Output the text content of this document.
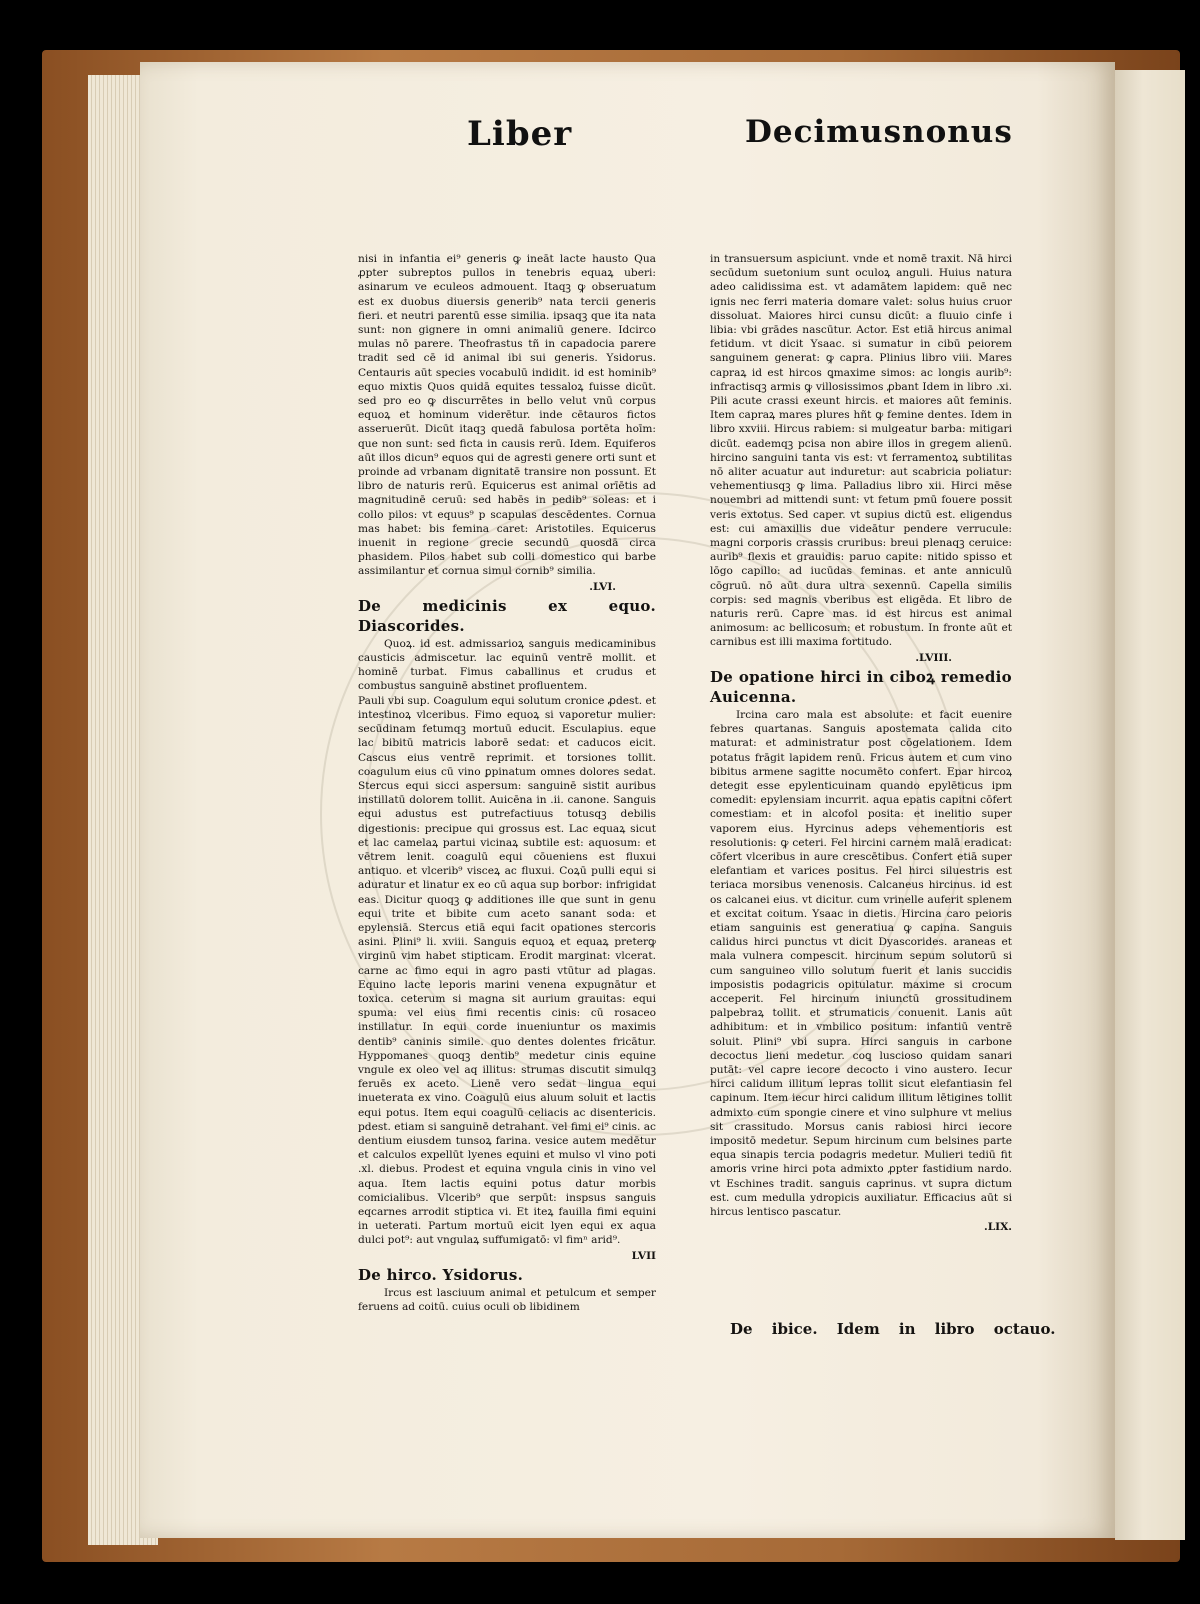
Liber	Decimusnonus

nisi in infantia ei⁹ generis ꝙ ineāt lacte hausto Qua ꝓpter subreptos pullos in tenebris equaꝝ uberi: asinarum ve eculeos admouent. Itaqꝫ ꝙ obseruatum est ex duobus diuersis generib⁹ nata tercii generis fieri. et neutri parentū esse similia. ipsaqꝫ que ita nata sunt: non gignere in omni animaliū genere. Idcirco mulas nō parere. Theofrastus tñ in capadocia parere tradit sed cē id animal ibi sui generis. Ysidorus. Centauris aūt species vocabulū indidit. id est hominib⁹ equo mixtis Quos quidā equites tessaloꝝ fuisse dicūt. sed pro eo ꝙ discurrētes in bello velut vnū corpus equoꝝ et hominum viderētur. inde cētauros fictos asseruerūt. Dicūt itaqꝫ quedā fabulosa portēta hoīm: que non sunt: sed ficta in causis rerū. Idem. Equiferos aūt illos dicun⁹ equos qui de agresti genere orti sunt et proinde ad vrbanam dignitatē transire non possunt. Et libro de naturis rerū. Equicerus est animal orīētis ad magnitudinē ceruū: sed habēs in pedib⁹ soleas: et i collo pilos: vt equus⁹ p scapulas descēdentes. Cornua mas habet: bis femina caret: Aristotiles. Equicerus inuenit in regione grecie secundū quosdā circa phasidem. Pilos habet sub colli domestico qui barbe assimilantur et cornua simul cornib⁹ similia.

.LVI.

De medicinis ex equo. Diascorides.

Quoꝝ. id est. admissarioꝝ sanguis medicaminibus causticis admiscetur. lac equinū ventrē mollit. et hominē turbat. Fimus caballinus et crudus et combustus sanguinē abstinet profluentem.

Pauli vbi sup. Coagulum equi solutum cronice ꝓdest. et intestinoꝝ vlceribus. Fimo equoꝝ si vaporetur mulier: secūdinam fetumqꝫ mortuū educit. Esculapius. eque lac bibitū matricis laborē sedat: et caducos eicit. Cascus eius ventrē reprimit. et torsiones tollit. coagulum eius cū vino ꝑpinatum omnes dolores sedat. Stercus equi sicci aspersum: sanguinē sistit auribus instillatū dolorem tollit. Auicēna in .ii. canone. Sanguis equi adustus est putrefactiuus totusqꝫ debilis digestionis: precipue qui grossus est. Lac equaꝝ sicut et lac camelaꝝ partui vicinaꝝ subtile est: aquosum: et vētrem lenit. coagulū equi cōueniens est fluxui antiquo. et vlcerib⁹ visceꝝ ac fluxui. Coꝝū pulli equi si aduratur et linatur ex eo cū aqua sup borbor: infrigidat eas. Dicitur quoqꝫ ꝙ additiones ille que sunt in genu equi trite et bibite cum aceto sanant soda: et epylensiā. Stercus etiā equi facit opationes stercoris asini. Plini⁹ li. xviii. Sanguis equoꝝ et equaꝝ preterꝙ virginū vim habet stipticam. Erodit marginat: vlcerat. carne ac fimo equi in agro pasti vtūtur ad plagas. Equino lacte leporis marini venena expugnātur et toxica. ceterum si magna sit aurium grauitas: equi spuma: vel eius fimi recentis cinis: cū rosaceo instillatur. In equi corde inueniuntur os maximis dentib⁹ caninis simile. quo dentes dolentes fricātur. Hyppomanes quoqꝫ dentib⁹ medetur cinis equine vngule ex oleo vel aq illitus: strumas discutit simulqꝫ feruēs ex aceto. Lienē vero sedat lingua equi inueterata ex vino. Coagulū eius aluum soluit et lactis equi potus. Item equi coagulū celiacis ac disentericis. pdest. etiam si sanguinē detrahant. vel fimi ei⁹ cinis. ac dentium eiusdem tunsoꝝ farina. vesice autem medētur et calculos expellūt lyenes equini et mulso vl vino poti .xl. diebus. Prodest et equina vngula cinis in vino vel aqua. Item lactis equini potus datur morbis comicialibus. Vlcerib⁹ que serpūt: inspsus sanguis eqcarnes arrodit stiptica vi. Et iteꝝ fauilla fimi equini in ueterati. Partum mortuū eicit lyen equi ex aqua dulci pot⁹: aut vngulaꝝ suffumigatō: vl fimⁿ arid⁹.

LVII

De hirco. Ysidorus.

Ircus est lasciuum animal et petulcum et semper feruens ad coitū. cuius oculi ob libidinem

in transuersum aspiciunt. vnde et nomē traxit. Nā hirci secūdum suetonium sunt oculoꝝ anguli. Huius natura adeo calidissima est. vt adamātem lapidem: quē nec ignis nec ferri materia domare valet: solus huius cruor dissoluat. Maiores hirci cunsu dicūt: a fluuio cinfe i libia: vbi grādes nascūtur. Actor. Est etiā hircus animal fetidum. vt dicit Ysaac. si sumatur in cibū peiorem sanguinem generat: ꝙ capra. Plinius libro viii. Mares capraꝝ id est hircos ꝗmaxime simos: ac longis aurib⁹: infractisqꝫ armis ꝙ villosissimos ꝓbant Idem in libro .xi. Pili acute crassi exeunt hircis. et maiores aūt feminis. Item capraꝝ mares plures hñt ꝙ femine dentes. Idem in libro xxviii. Hircus rabiem: si mulgeatur barba: mitigari dicūt. eademqꝫ pcisa non abire illos in gregem alienū. hircino sanguini tanta vis est: vt ferramentoꝝ subtilitas nō aliter acuatur aut induretur: aut scabricia poliatur: vehementiusqꝫ ꝙ lima. Palladius libro xii. Hirci mēse nouembri ad mittendi sunt: vt fetum pmū fouere possit veris extotus. Sed caper. vt supius dictū est. eligendus est: cui amaxillis due videātur pendere verrucule: magni corporis crassis cruribus: breui plenaqꝫ ceruice: aurib⁹ flexis et grauidis: paruo capite: nitido spisso et lōgo capillo: ad iucūdas feminas. et ante anniculū cōgruū. nō aūt dura ultra sexennū. Capella similis corpis: sed magnis vberibus est eligēda. Et libro de naturis rerū. Capre mas. id est hircus est animal animosum: ac bellicosum: et robustum. In fronte aūt et carnibus est illi maxima fortitudo.

.LVIII.

De opatione hirci in ciboꝝ remedio Auicenna.

Ircina caro mala est absolute: et facit euenire febres quartanas. Sanguis apostemata calida cito maturat: et administratur post cōgelationem. Idem potatus frāgit lapidem renū. Fricus autem et cum vino bibitus armene sagitte nocumēto confert. Epar hircoꝝ detegit esse epylenticuinam quando epylēticus ipm comedit: epylensiam incurrit. aqua epatis capitni cōfert comestiam: et in alcofol posita: et inelitio super vaporem eius. Hyrcinus adeps vehementioris est resolutionis: ꝙ ceteri. Fel hircini carnem malā eradicat: cōfert vlceribus in aure crescētibus. Confert etiā super elefantiam et varices positus. Fel hirci siluestris est teriaca morsibus venenosis. Calcaneus hircinus. id est os calcanei eius. vt dicitur. cum vrinelle auferit splenem et excitat coitum. Ysaac in dietis. Hircina caro peioris etiam sanguinis est generatiua ꝙ capina. Sanguis calidus hirci punctus vt dicit Dyascorides. araneas et mala vulnera compescit. hircinum sepum solutorū si cum sanguineo villo solutum fuerit et lanis succidis imposistis podagricis opitulatur. maxime si crocum acceperit. Fel hircinum iniunctū grossitudinem palpebraꝝ tollit. et strumaticis conuenit. Lanis aūt adhibitum: et in vmbilico positum: infantiū ventrē soluit. Plini⁹ vbi supra. Hirci sanguis in carbone decoctus lieni medetur. coꝗ luscioso quidam sanari putāt: vel capre iecore decocto i vino austero. Iecur hirci calidum illitum lepras tollit sicut elefantiasin fel capinum. Item iecur hirci calidum illitum lētigines tollit admixto cum spongie cinere et vino sulphure vt melius sit crassitudo. Morsus canis rabiosi hirci iecore impositō medetur. Sepum hircinum cum belsines parte equa sinapis tercia podagris medetur. Mulieri tediū fit amoris vrine hirci pota admixto ꝓpter fastidium nardo. vt Eschines tradit. sanguis caprinus. vt supra dictum est. cum medulla ydropicis auxiliatur. Efficacius aūt si hircus lentisco pascatur.

.LIX.

De ibice. Idem in libro octauo.
